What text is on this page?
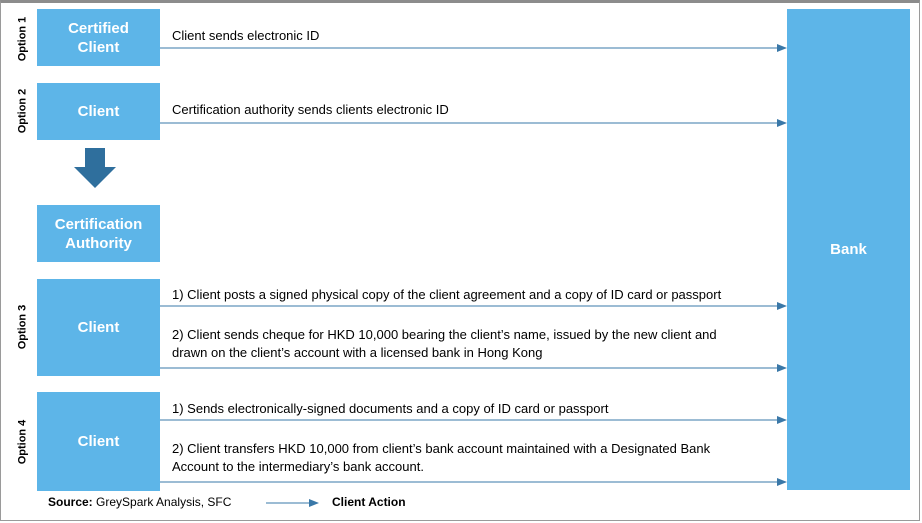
Option 1
Option 2
Option 3
Option 4
Certified
Client
Client
Certification
Authority
Client
Client
Bank
Client sends electronic ID
Certification authority sends clients electronic ID
1) Client posts a signed physical copy of the client agreement and a copy of ID card or passport
2) Client sends cheque for HKD 10,000 bearing the client’s name, issued by the new client and
drawn on the client’s account with a licensed bank in Hong Kong
1) Sends electronically-signed documents and a copy of ID card or passport
2) Client transfers HKD 10,000 from client’s bank account maintained with a Designated Bank
Account to the intermediary’s bank account.
Source: GreySpark Analysis, SFC	Client Action
